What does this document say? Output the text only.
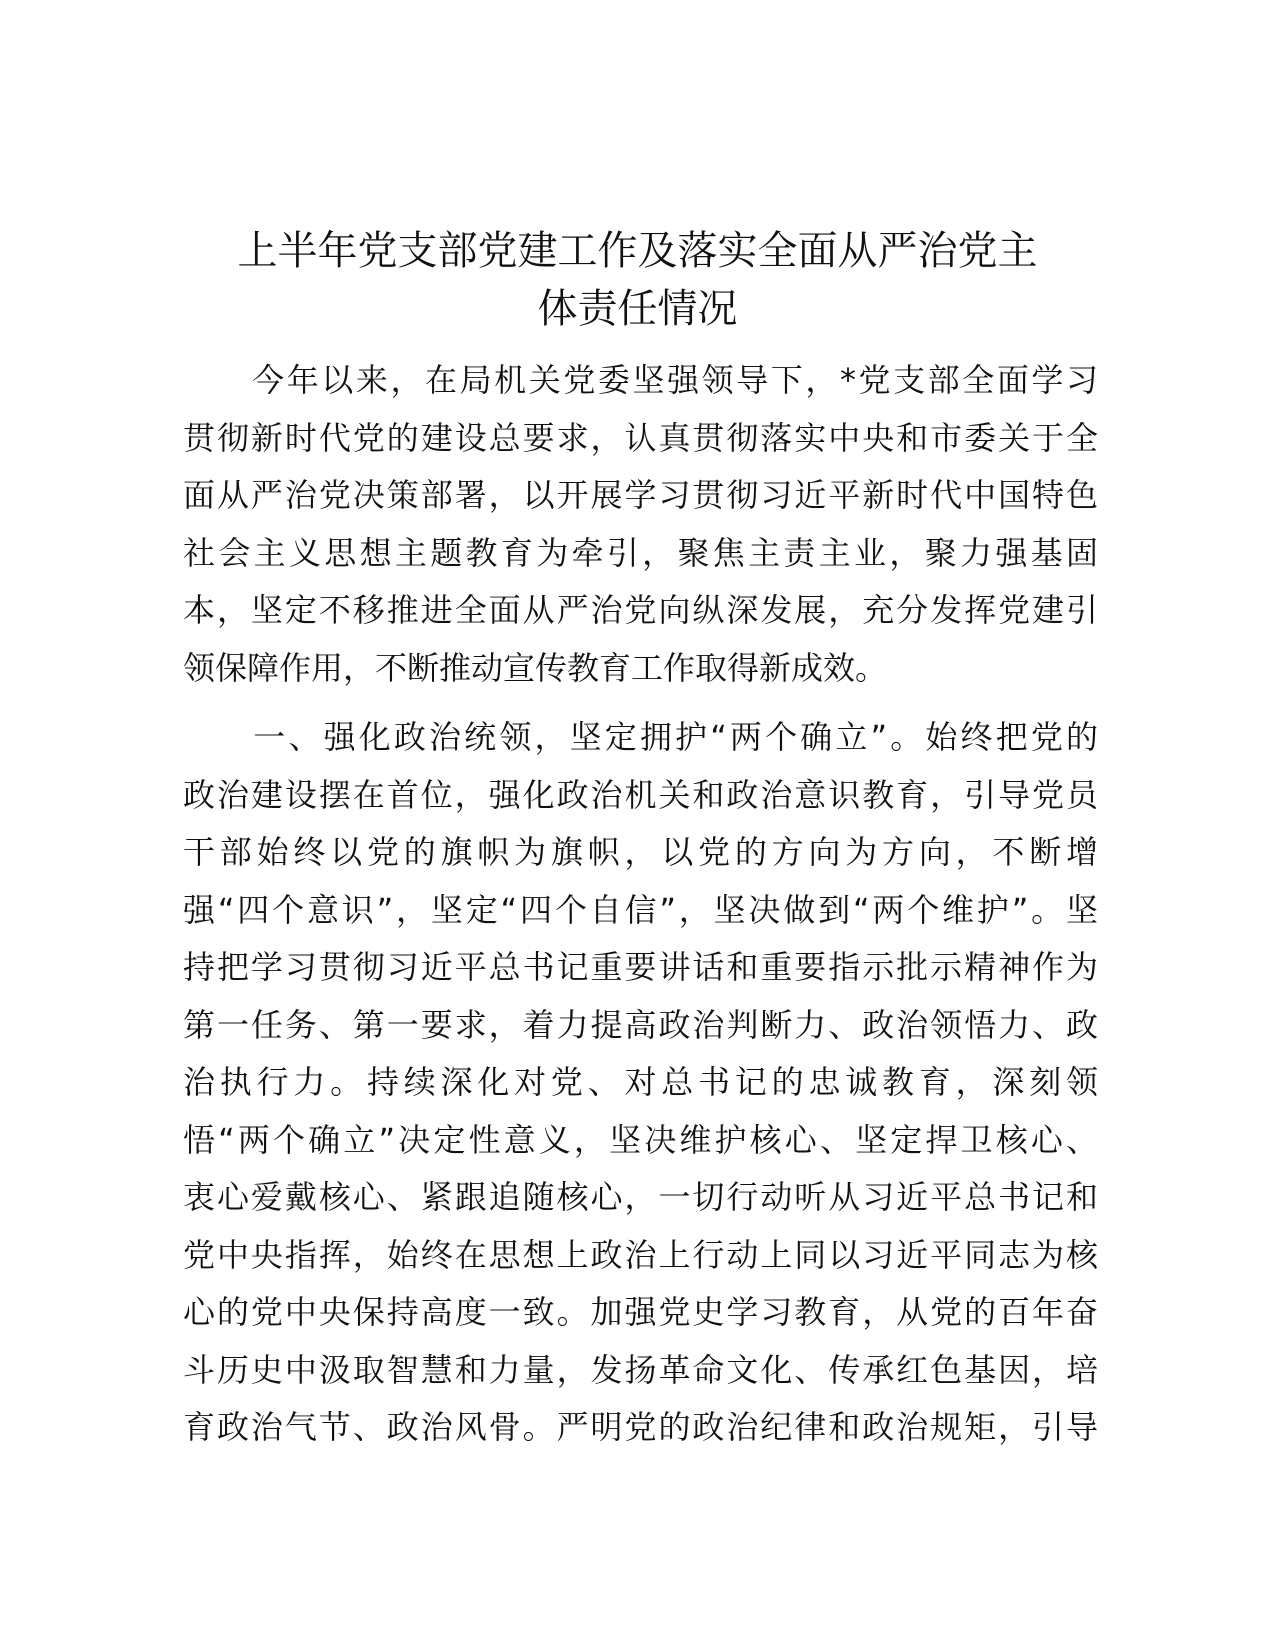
上半年党支部党建工作及落实全面从严治党主
体责任情况
　　今年以来，在局机关党委坚强领导下，*党支部全面学习
贯彻新时代党的建设总要求，认真贯彻落实中央和市委关于全
面从严治党决策部署，以开展学习贯彻习近平新时代中国特色
社会主义思想主题教育为牵引，聚焦主责主业，聚力强基固
本，坚定不移推进全面从严治党向纵深发展，充分发挥党建引
领保障作用，不断推动宣传教育工作取得新成效。
　　一、强化政治统领，坚定拥护“两个确立”。始终把党的
政治建设摆在首位，强化政治机关和政治意识教育，引导党员
干部始终以党的旗帜为旗帜，以党的方向为方向，不断增
强“四个意识”，坚定“四个自信”，坚决做到“两个维护”。坚
持把学习贯彻习近平总书记重要讲话和重要指示批示精神作为
第一任务、第一要求，着力提高政治判断力、政治领悟力、政
治执行力。持续深化对党、对总书记的忠诚教育，深刻领
悟“两个确立”决定性意义，坚决维护核心、坚定捍卫核心、
衷心爱戴核心、紧跟追随核心，一切行动听从习近平总书记和
党中央指挥，始终在思想上政治上行动上同以习近平同志为核
心的党中央保持高度一致。加强党史学习教育，从党的百年奋
斗历史中汲取智慧和力量，发扬革命文化、传承红色基因，培
育政治气节、政治风骨。严明党的政治纪律和政治规矩，引导
